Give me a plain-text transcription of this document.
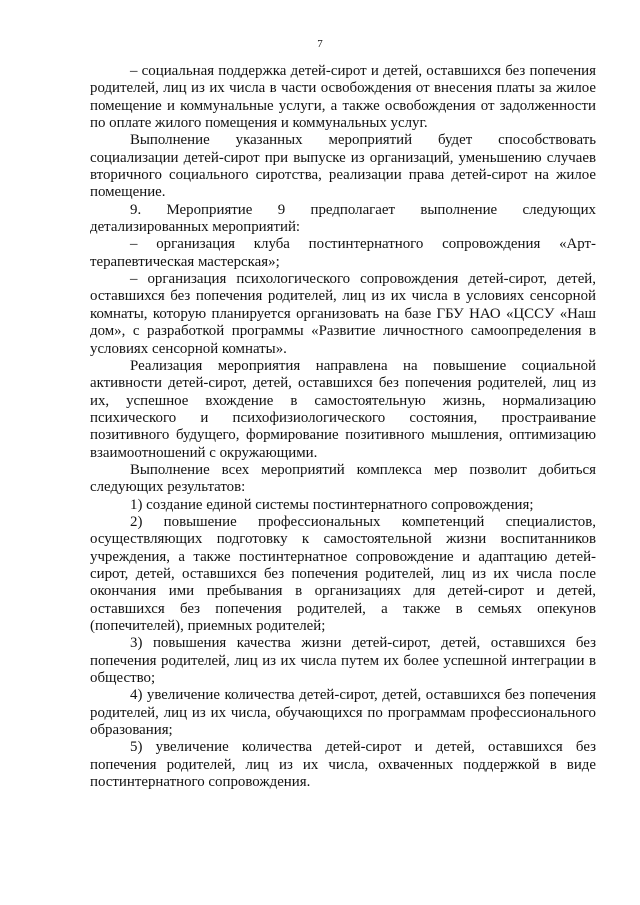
7

– социальная поддержка детей-сирот и детей, оставшихся без попечения родителей, лиц из их числа в части освобождения от внесения платы за жилое помещение и коммунальные услуги, а также освобождения от задолженности по оплате жилого помещения и коммунальных услуг.

Выполнение указанных мероприятий будет способствовать социализации детей-сирот при выпуске из организаций, уменьшению случаев вторичного социального сиротства, реализации права детей-сирот на жилое помещение.

9. Мероприятие 9 предполагает выполнение следующих детализированных мероприятий:

– организация клуба постинтернатного сопровождения «Арт-терапевтическая мастерская»;

– организация психологического сопровождения детей-сирот, детей, оставшихся без попечения родителей, лиц из их числа в условиях сенсорной комнаты, которую планируется организовать на базе ГБУ НАО «ЦССУ «Наш дом», с разработкой программы «Развитие личностного самоопределения в условиях сенсорной комнаты».

Реализация мероприятия направлена на повышение социальной активности детей-сирот, детей, оставшихся без попечения родителей, лиц из их, успешное вхождение в самостоятельную жизнь, нормализацию психического и психофизиологического состояния, простраивание позитивного будущего, формирование позитивного мышления, оптимизацию взаимоотношений с окружающими.

Выполнение всех мероприятий комплекса мер позволит добиться следующих результатов:

1) создание единой системы постинтернатного сопровождения;

2) повышение профессиональных компетенций специалистов, осуществляющих подготовку к самостоятельной жизни воспитанников учреждения, а также постинтернатное сопровождение и адаптацию детей-сирот, детей, оставшихся без попечения родителей, лиц из их числа после окончания ими пребывания в организациях для детей-сирот и детей, оставшихся без попечения родителей, а также в семьях опекунов (попечителей), приемных родителей;

3) повышения качества жизни детей-сирот, детей, оставшихся без попечения родителей, лиц из их числа путем их более успешной интеграции в общество;

4) увеличение количества детей-сирот, детей, оставшихся без попечения родителей, лиц из их числа, обучающихся по программам профессионального образования;

5) увеличение количества детей-сирот и детей, оставшихся без попечения родителей, лиц из их числа, охваченных поддержкой в виде постинтернатного сопровождения.
